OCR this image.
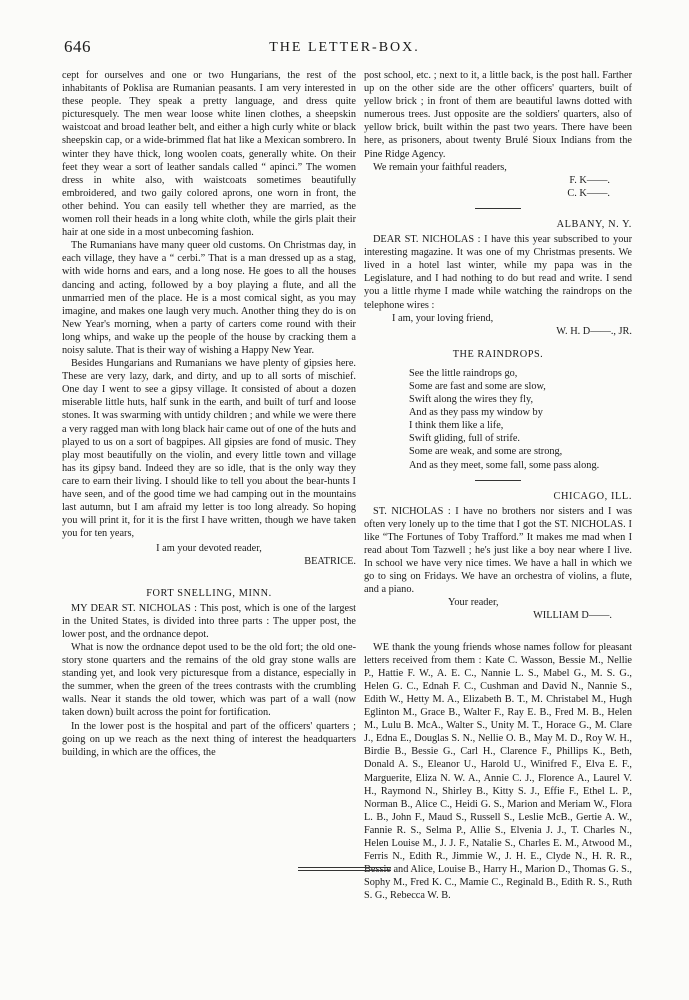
646	THE LETTER-BOX.

cept for ourselves and one or two Hungarians, the rest of the inhabitants of Poklisa are Rumanian peasants. I am very interested in these people. They speak a pretty language, and dress quite picturesquely. The men wear loose white linen clothes, a sheepskin waistcoat and broad leather belt, and either a high curly white or black sheepskin cap, or a wide-brimmed flat hat like a Mexican sombrero. In winter they have thick, long woolen coats, generally white. On their feet they wear a sort of leather sandals called “ apinci.” The women dress in white also, with waistcoats sometimes beautifully embroidered, and two gaily colored aprons, one worn in front, the other behind. You can easily tell whether they are married, as the women roll their heads in a long white cloth, while the girls plait their hair at one side in a most unbecoming fashion.

The Rumanians have many queer old customs. On Christmas day, in each village, they have a “ cerbi.” That is a man dressed up as a stag, with wide horns and ears, and a long nose. He goes to all the houses dancing and acting, followed by a boy playing a flute, and all the unmarried men of the place. He is a most comical sight, as you may imagine, and makes one laugh very much. Another thing they do is on New Year's morning, when a party of carters come round with their long whips, and wake up the people of the house by cracking them a noisy salute. That is their way of wishing a Happy New Year.

Besides Hungarians and Rumanians we have plenty of gipsies here. These are very lazy, dark, and dirty, and up to all sorts of mischief. One day I went to see a gipsy village. It consisted of about a dozen miserable little huts, half sunk in the earth, and built of turf and loose stones. It was swarming with untidy children ; and while we were there a very ragged man with long black hair came out of one of the huts and played to us on a sort of bagpipes. All gipsies are fond of music. They play most beautifully on the violin, and every little town and village has its gipsy band. Indeed they are so idle, that is the only way they care to earn their living. I should like to tell you about the bear-hunts I have seen, and of the good time we had camping out in the mountains last autumn, but I am afraid my letter is too long already. So hoping you will print it, for it is the first I have written, though we have taken you for ten years,

I am your devoted reader,
BEATRICE.
FORT SNELLING, MINN.

MY DEAR ST. NICHOLAS : This post, which is one of the largest in the United States, is divided into three parts : The upper post, the lower post, and the ordnance depot.

What is now the ordnance depot used to be the old fort; the old one-story stone quarters and the remains of the old gray stone walls are standing yet, and look very picturesque from a distance, especially in the summer, when the green of the trees contrasts with the crumbling walls. Near it stands the old tower, which was part of a wall (now taken down) built across the point for fortification.

In the lower post is the hospital and part of the officers' quarters ; going on up we reach as the next thing of interest the headquarters building, in which are the offices, the

post school, etc. ; next to it, a little back, is the post hall. Farther up on the other side are the other officers' quarters, built of yellow brick ; in front of them are beautiful lawns dotted with numerous trees. Just opposite are the soldiers' quarters, also of yellow brick, built within the past two years. There have been here, as prisoners, about twenty Brulé Sioux Indians from the Pine Ridge Agency.

We remain your faithful readers,

F. K——.
C. K——.
ALBANY, N. Y.

DEAR ST. NICHOLAS : I have this year subscribed to your interesting magazine. It was one of my Christmas presents. We lived in a hotel last winter, while my papa was in the Legislature, and I had nothing to do but read and write. I send you a little rhyme I made while watching the raindrops on the telephone wires :

I am, your loving friend,
W. H. D——., JR.
THE RAINDROPS.
See the little raindrops go,
Some are fast and some are slow,
Swift along the wires they fly,
And as they pass my window by
I think them like a life,
Swift gliding, full of strife.
Some are weak, and some are strong,
And as they meet, some fall, some pass along.
CHICAGO, ILL.

ST. NICHOLAS : I have no brothers nor sisters and I was often very lonely up to the time that I got the ST. NICHOLAS. I like “The Fortunes of Toby Trafford.” It makes me mad when I read about Tom Tazwell ; he's just like a boy near where I live. In school we have very nice times. We have a hall in which we go to sing on Fridays. We have an orchestra of violins, a flute, and a piano.

Your reader,
WILLIAM D——.

WE thank the young friends whose names follow for pleasant letters received from them : Kate C. Wasson, Bessie M., Nellie P., Hattie F. W., A. E. C., Nannie L. S., Mabel G., M. S. G., Helen G. C., Ednah F. C., Cushman and David N., Nannie S., Edith W., Hetty M. A., Elizabeth B. T., M. Christabel M., Hugh Eglinton M., Grace B., Walter F., Ray E. B., Fred M. B., Helen M., Lulu B. McA., Walter S., Unity M. T., Horace G., M. Clare J., Edna E., Douglas S. N., Nellie O. B., May M. D., Roy W. H., Birdie B., Bessie G., Carl H., Clarence F., Phillips K., Beth, Donald A. S., Eleanor U., Harold U., Winifred F., Elva E. F., Marguerite, Eliza N. W. A., Annie C. J., Florence A., Laurel V. H., Raymond N., Shirley B., Kitty S. J., Effie F., Ethel L. P., Norman B., Alice C., Heidi G. S., Marion and Meriam W., Flora L. B., John F., Maud S., Russell S., Leslie McB., Gertie A. W., Fannie R. S., Selma P., Allie S., Elvenia J. J., T. Charles N., Helen Louise M., J. J. F., Natalie S., Charles E. M., Atwood M., Ferris N., Edith R., Jimmie W., J. H. E., Clyde N., H. R. R., Bessie and Alice, Louise B., Harry H., Marion D., Thomas G. S., Sophy M., Fred K. C., Mamie C., Reginald B., Edith R. S., Ruth S. G., Rebecca W. B.
